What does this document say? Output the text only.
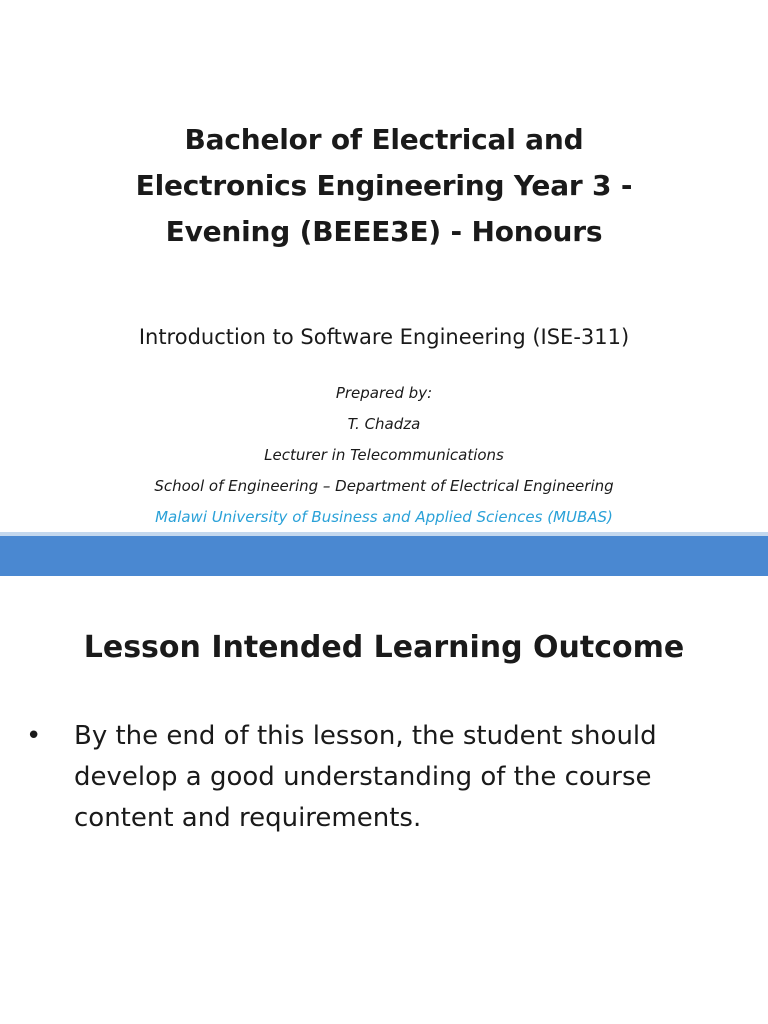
Bachelor of Electrical and
Electronics Engineering Year 3 -
Evening (BEEE3E) - Honours
Introduction to Software Engineering (ISE-311)
Prepared by:
T. Chadza
Lecturer in Telecommunications
School of Engineering – Department of Electrical Engineering
Malawi University of Business and Applied Sciences (MUBAS)
Lesson Intended Learning Outcome
•	By the end of this lesson, the student should
develop a good understanding of the course
content and requirements.
